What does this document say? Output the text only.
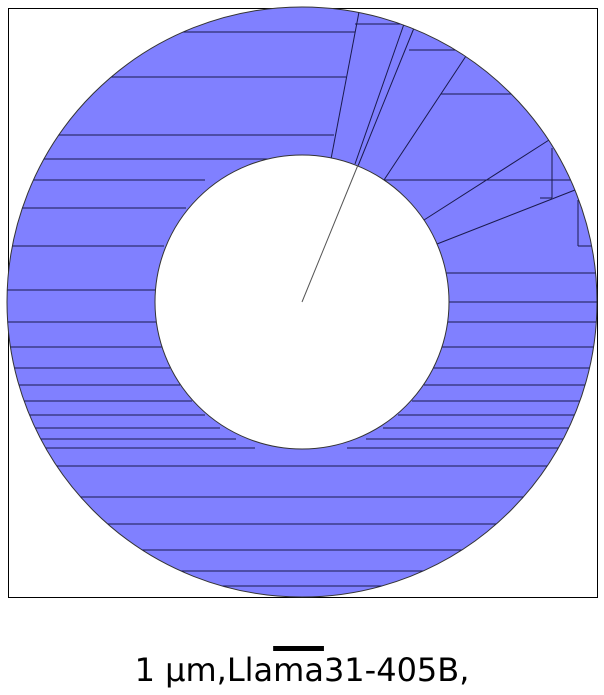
1 $\mu m,Lla\overline{ma}31-405B$,
